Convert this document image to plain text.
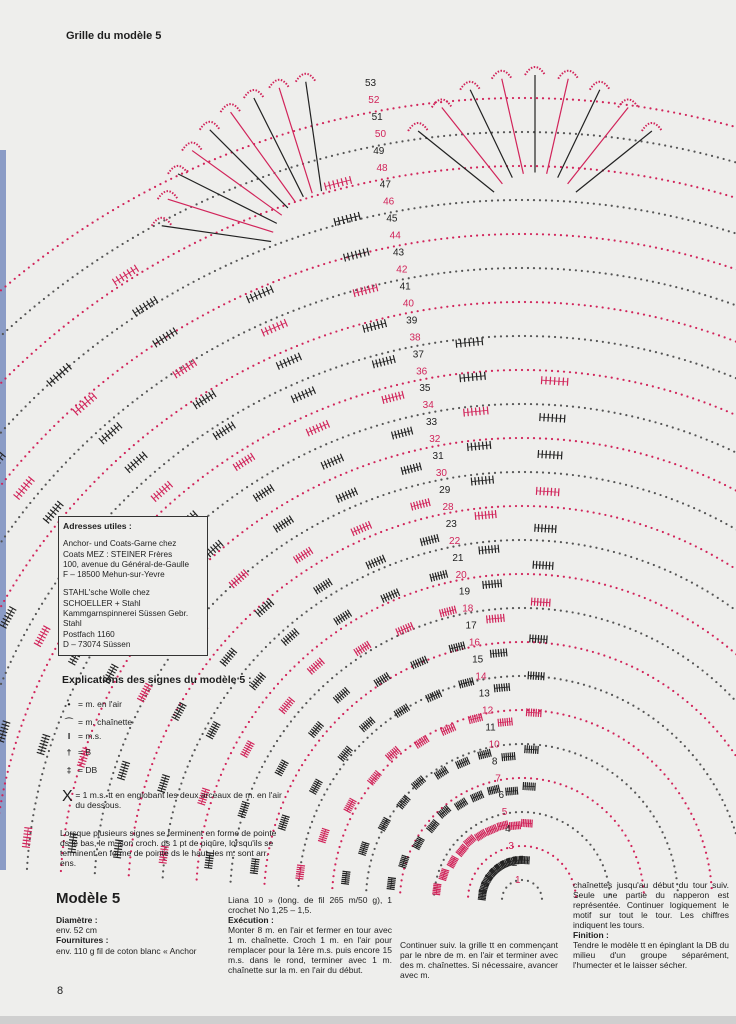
53
52
51
50
49
48
47
46
45
44
43
42
41
40
39
38
37
36
35
34
33
32
31
30
29
28
23
22
21
20
19
18
17
16
15
14
13
12
11
10
8
7
6
5
4
3
2
1
Grille du modèle 5
Adresses utiles :
Anchor- und Coats-Garne chez
Coats MEZ : STEINER Frères
100, avenue du Général-de-Gaulle
F – 18500 Mehun-sur-Yevre
STAHL'sche Wolle chez
SCHOELLER + Stahl
Kammgarnspinnerei Süssen Gebr.
Stahl
Postfach 1160
D – 73074 Süssen
Explications des signes du modèle 5 :
• = m. en l'air
⌒ = m. chaînette
I = m.s.
† = B
‡ = DB
X = 1 m.s. tt en englobant les deux arceaux de m. en l'air du dessous.
Lorsque plusieurs signes se terminent en forme de pointe ds le bas, le m. son croch. ds 1 pt de piqûre, lorsqu'ils se terminent en forme de pointe ds le haut, les m. sont arr. ens.
Modèle 5
Diamètre :
env. 52 cm
Fournitures :
env. 110 g fil de coton blanc « Anchor
Liana 10 » (long. de fil 265 m/50 g), 1 crochet No 1,25 – 1,5.
Exécution :
Monter 8 m. en l'air et fermer en tour avec 1 m. chaînette. Croch 1 m. en l'air pour remplacer pour la 1ère m.s. puis encore 15 m.s. dans le rond, terminer avec 1 m. chaînette sur la m. en l'air du début.
Continuer suiv. la grille tt en commençant par le nbre de m. en l'air et terminer avec des m. chaînettes. Si nécessaire, avancer avec m.
chaînettes jusqu'au début du tour suiv. Seule une partie du napperon est représentée. Continuer logiquement le motif sur tout le tour. Les chiffres indiquent les tours.
Finition :
Tendre le modèle tt en épinglant la DB du milieu d'un groupe séparément, l'humecter et le laisser sécher.
8
